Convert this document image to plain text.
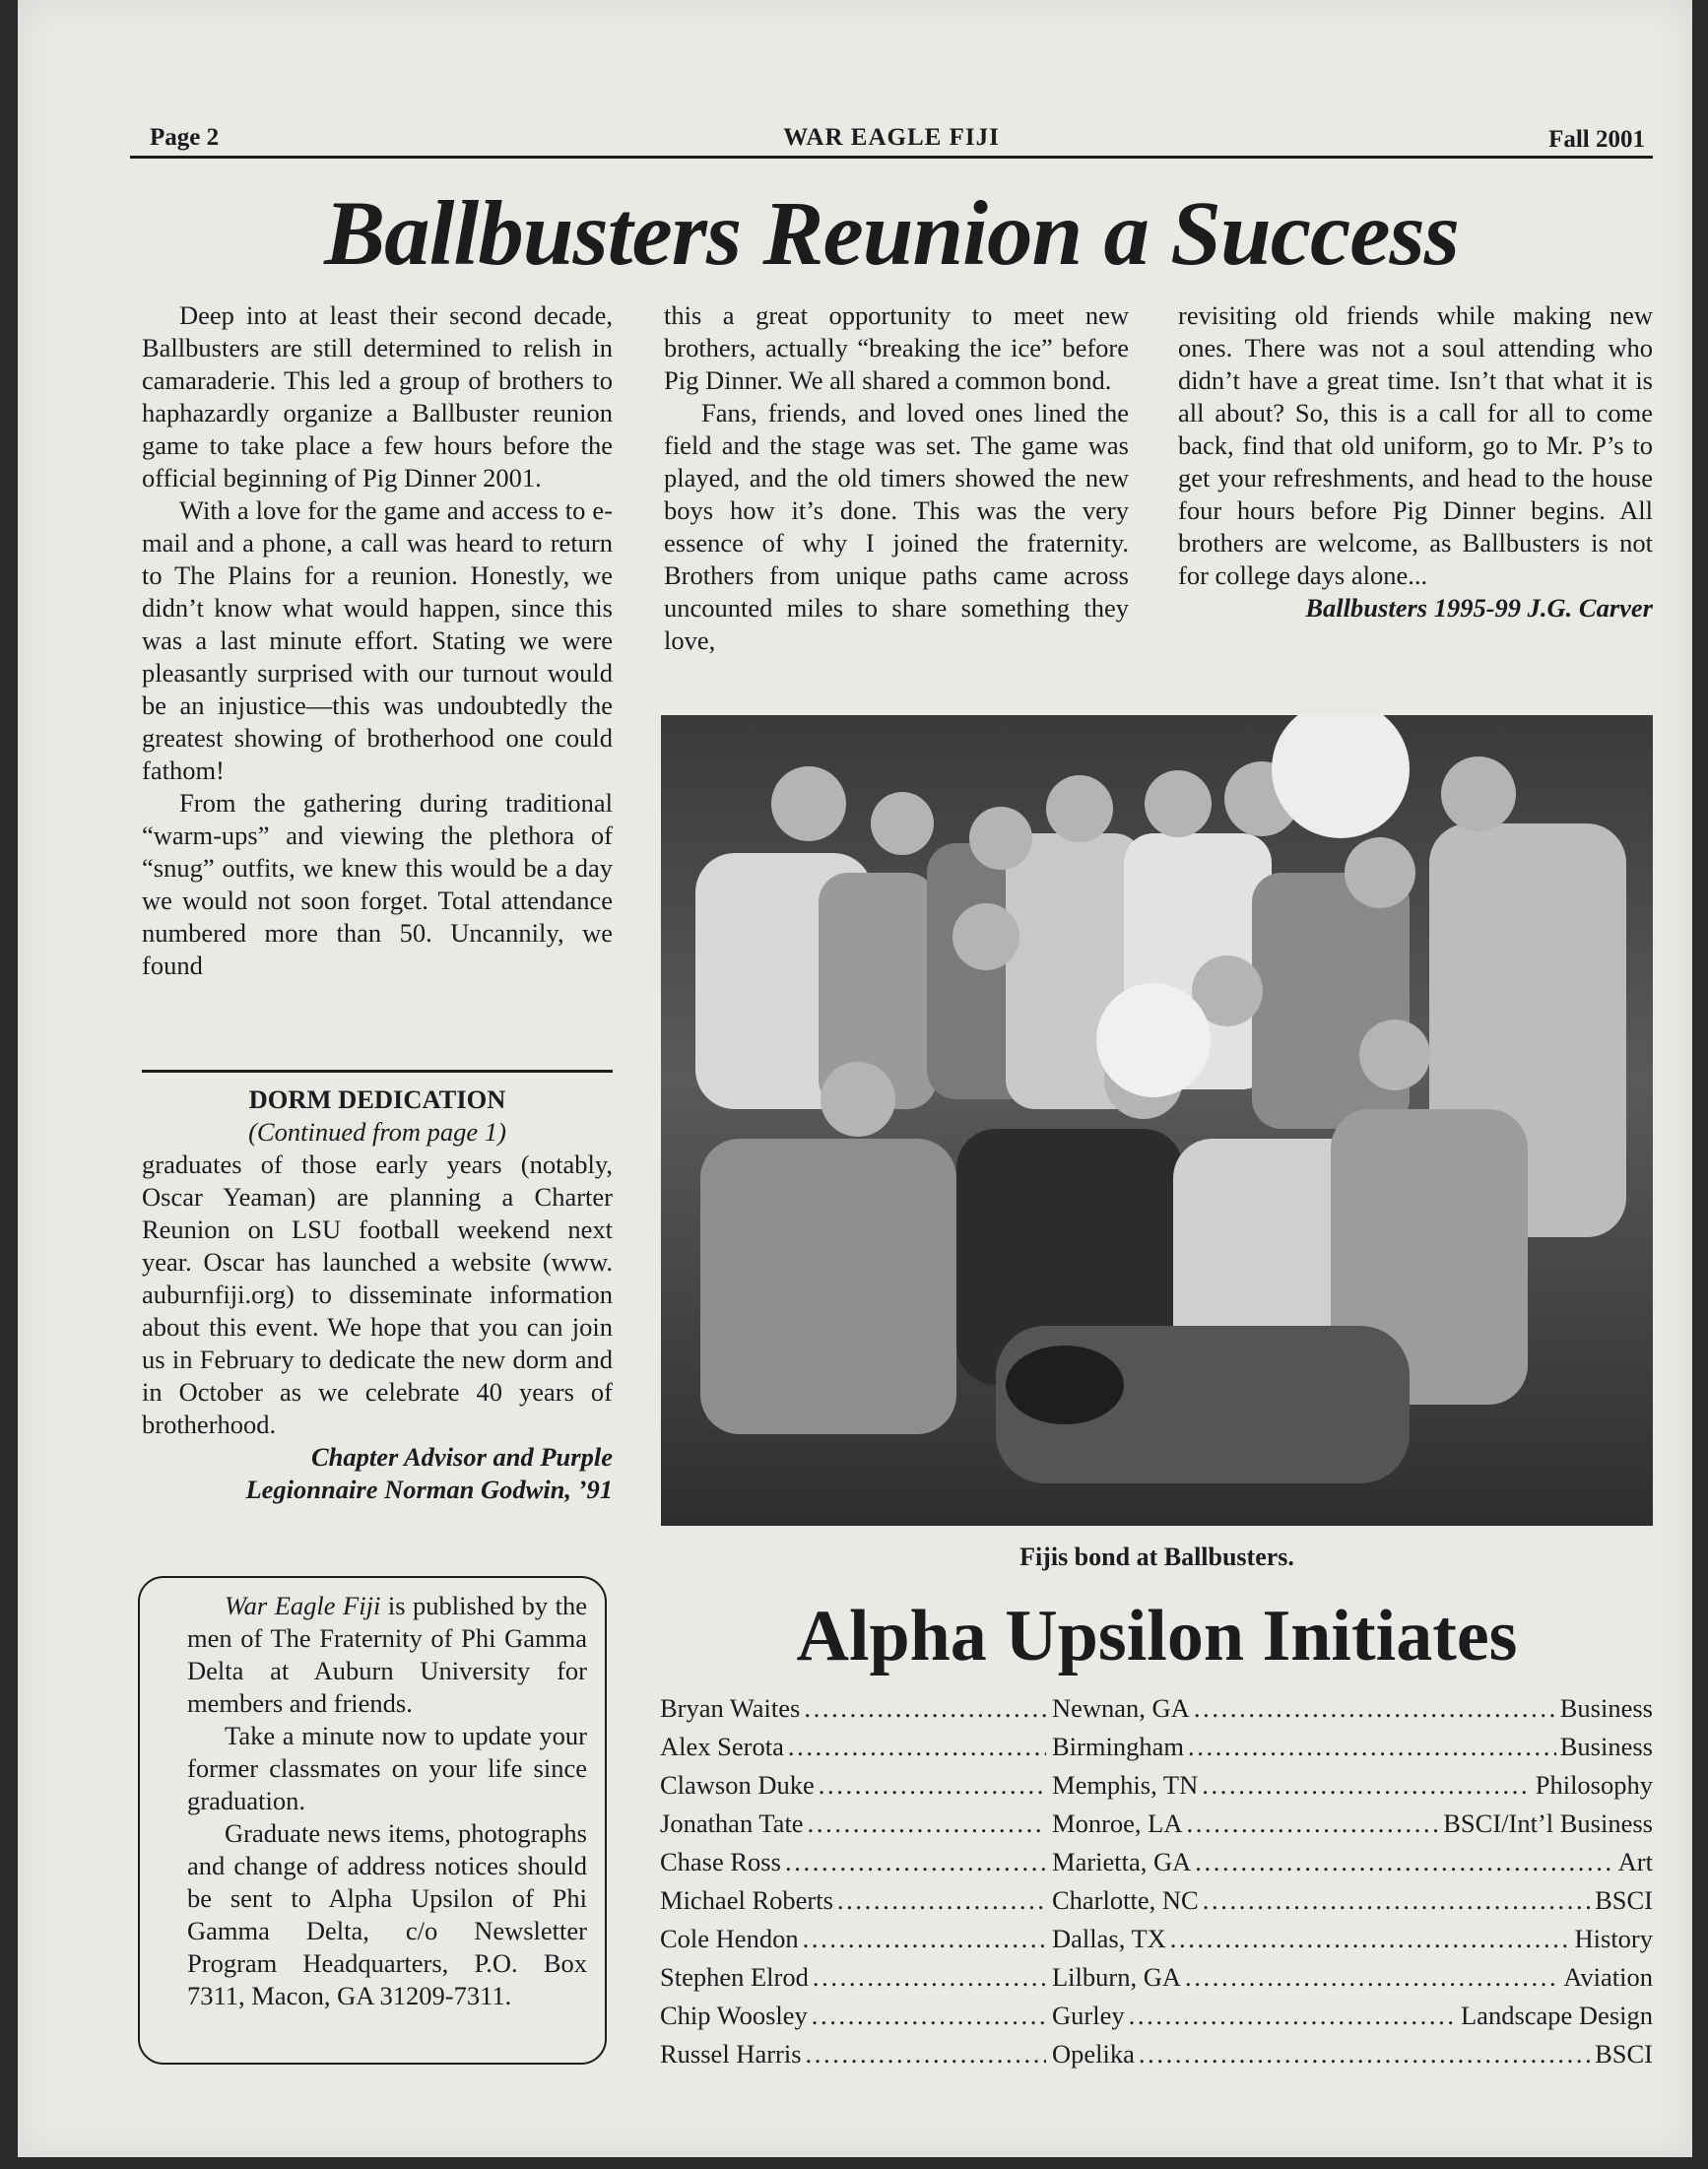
Page 2	WAR EAGLE FIJI	Fall 2001
Ballbusters Reunion a Success

Deep into at least their second decade, Ballbusters are still determined to relish in camaraderie. This led a group of brothers to haphazardly organize a Ballbuster reunion game to take place a few hours before the official beginning of Pig Dinner 2001.

With a love for the game and access to e-mail and a phone, a call was heard to return to The Plains for a reunion. Honestly, we didn’t know what would happen, since this was a last minute effort. Stating we were pleasantly surprised with our turnout would be an injustice—this was undoubtedly the greatest showing of brotherhood one could fathom!

From the gathering during traditional “warm-ups” and viewing the plethora of “snug” outfits, we knew this would be a day we would not soon forget. Total attendance numbered more than 50. Uncannily, we found

this a great opportunity to meet new brothers, actually “breaking the ice” before Pig Dinner. We all shared a common bond.

Fans, friends, and loved ones lined the field and the stage was set. The game was played, and the old timers showed the new boys how it’s done. This was the very essence of why I joined the fraternity. Brothers from unique paths came across uncounted miles to share something they love,

revisiting old friends while making new ones. There was not a soul attending who didn’t have a great time. Isn’t that what it is all about? So, this is a call for all to come back, find that old uniform, go to Mr. P’s to get your refreshments, and head to the house four hours before Pig Dinner begins. All brothers are welcome, as Ballbusters is not for college days alone...

Ballbusters 1995-99 J.G. Carver

DORM DEDICATION
(Continued from page 1)
graduates of those early years (notably, Oscar Yeaman) are planning a Charter Reunion on LSU football weekend next year. Oscar has launched a website (www. auburnfiji.org) to disseminate information about this event. We hope that you can join us in February to dedicate the new dorm and in October as we celebrate 40 years of brotherhood.
Chapter Advisor and Purple
Legionnaire Norman Godwin, ’91

War Eagle Fiji is published by the men of The Fraternity of Phi Gamma Delta at Auburn University for members and friends.

Take a minute now to update your former classmates on your life since graduation.

Graduate news items, photographs and change of address notices should be sent to Alpha Upsilon of Phi Gamma Delta, c/o Newsletter Program Headquarters, P.O. Box 7311, Macon, GA 31209-7311.

Fijis bond at Ballbusters.
Alpha Upsilon Initiates
Bryan Waites . . .	Newnan, GA . . .	Business
Alex Serota . . .	Birmingham . . .	Business
Clawson Duke . . .	Memphis, TN . . .	Philosophy
Jonathan Tate . . .	Monroe, LA . . .	BSCI/Int’l Business
Chase Ross . . .	Marietta, GA . . .	Art
Michael Roberts . . .	Charlotte, NC . . .	BSCI
Cole Hendon . . .	Dallas, TX . . .	History
Stephen Elrod . . .	Lilburn, GA . . .	Aviation
Chip Woosley . . .	Gurley . . .	Landscape Design
Russel Harris . . .	Opelika . . .	BSCI
